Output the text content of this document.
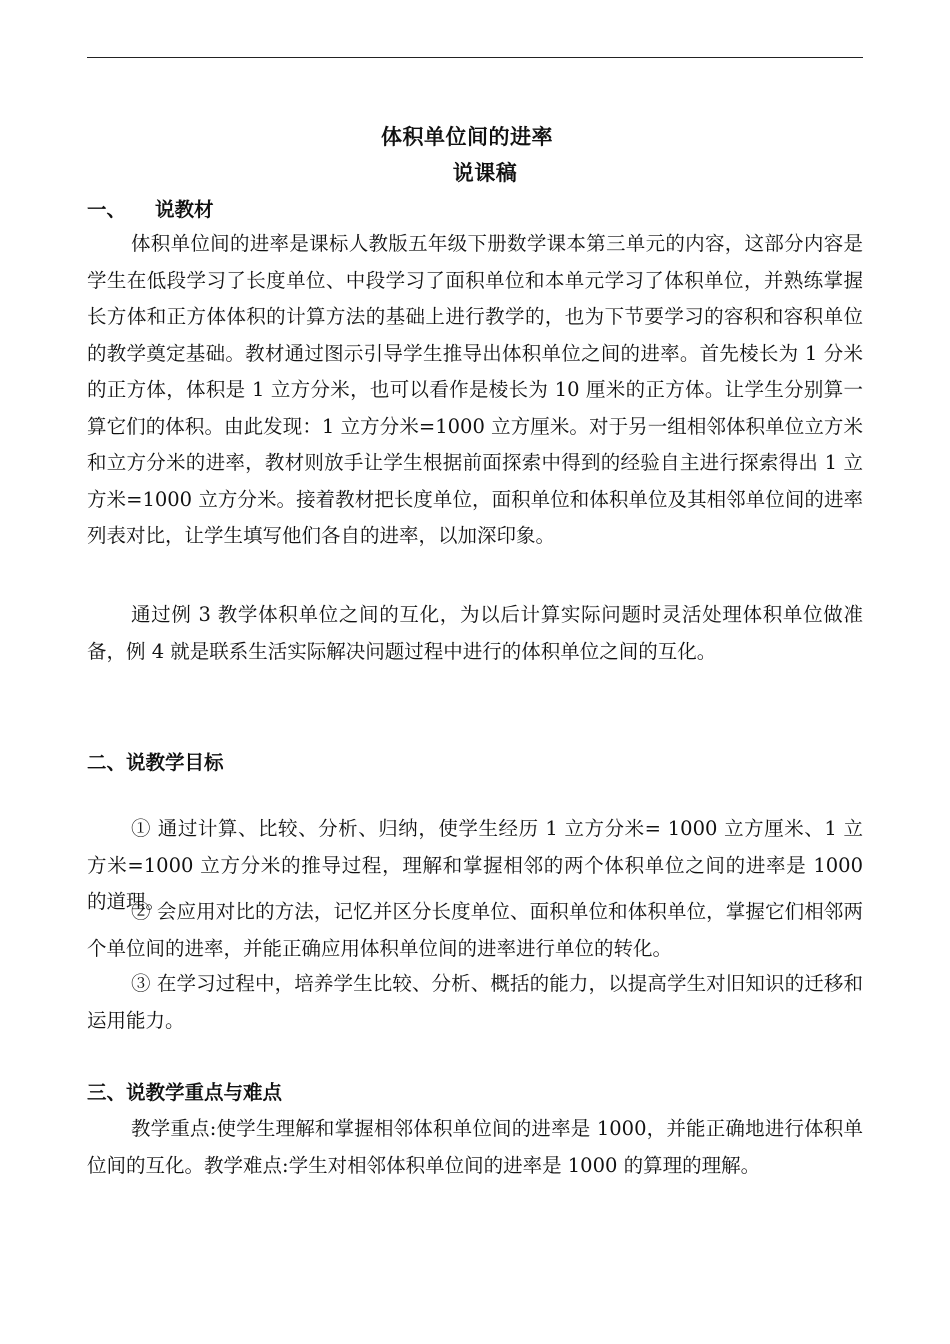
体积单位间的进率
说课稿
一、 说教材

体积单位间的进率是课标人教版五年级下册数学课本第三单元的内容，这部分内容是学生在低段学习了长度单位、中段学习了面积单位和本单元学习了体积单位，并熟练掌握长方体和正方体体积的计算方法的基础上进行教学的，也为下节要学习的容积和容积单位的教学奠定基础。教材通过图示引导学生推导出体积单位之间的进率。首先棱长为 1 分米的正方体，体积是 1 立方分米，也可以看作是棱长为 10 厘米的正方体。让学生分别算一算它们的体积。由此发现：1 立方分米=1000 立方厘米。对于另一组相邻体积单位立方米和立方分米的进率，教材则放手让学生根据前面探索中得到的经验自主进行探索得出 1 立方米=1000 立方分米。接着教材把长度单位，面积单位和体积单位及其相邻单位间的进率列表对比，让学生填写他们各自的进率，以加深印象。

通过例 3 教学体积单位之间的互化，为以后计算实际问题时灵活处理体积单位做准备，例 4 就是联系生活实际解决问题过程中进行的体积单位之间的互化。

二、说教学目标

① 通过计算、比较、分析、归纳，使学生经历 1 立方分米= 1000 立方厘米、1 立方米=1000 立方分米的推导过程，理解和掌握相邻的两个体积单位之间的进率是 1000 的道理。

② 会应用对比的方法，记忆并区分长度单位、面积单位和体积单位，掌握它们相邻两个单位间的进率，并能正确应用体积单位间的进率进行单位的转化。

③ 在学习过程中，培养学生比较、分析、概括的能力，以提高学生对旧知识的迁移和运用能力。

三、说教学重点与难点

教学重点:使学生理解和掌握相邻体积单位间的进率是 1000，并能正确地进行体积单位间的互化。教学难点:学生对相邻体积单位间的进率是 1000 的算理的理解。
